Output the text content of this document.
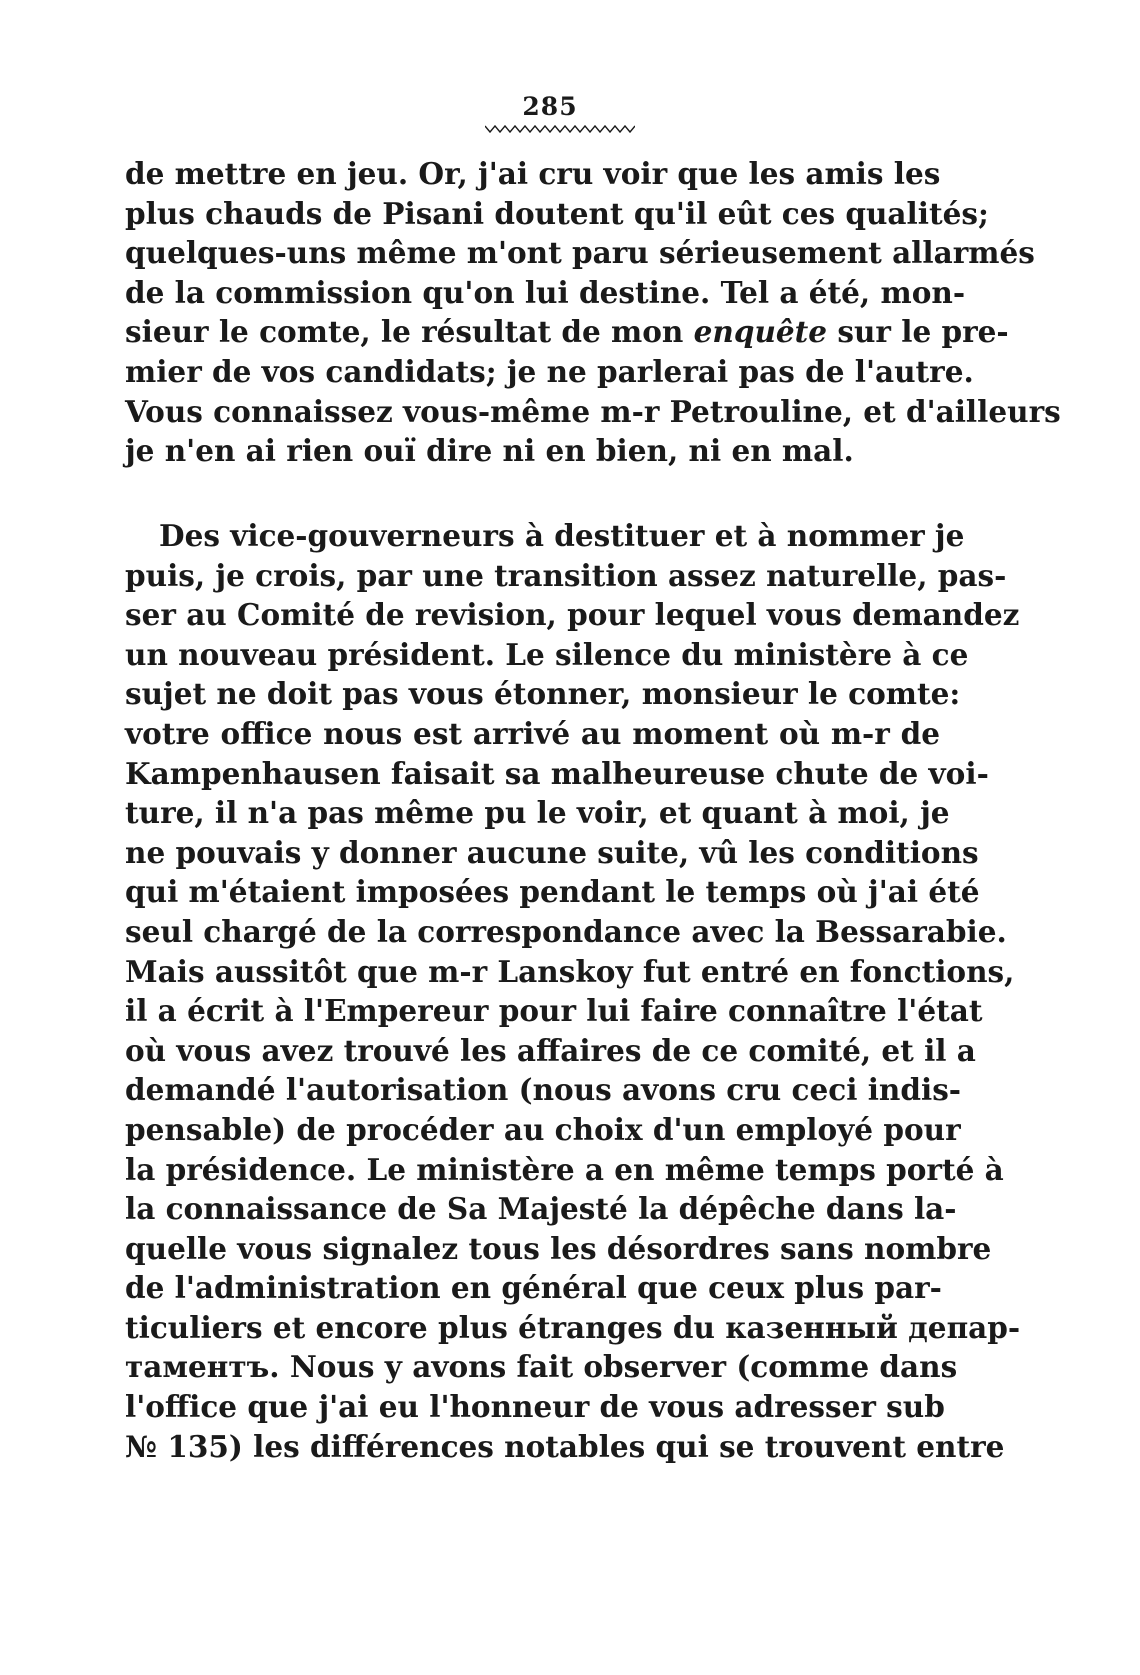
285
de mettre en jeu. Or, j'ai cru voir que les amis les
plus chauds de Pisani doutent qu'il eût ces qualités;
quelques-uns même m'ont paru sérieusement allarmés
de la commission qu'on lui destine. Tel a été, mon-
sieur le comte, le résultat de mon enquête sur le pre-
mier de vos candidats; je ne parlerai pas de l'autre.
Vous connaissez vous-même m-r Petrouline, et d'ailleurs
je n'en ai rien ouï dire ni en bien, ni en mal.
Des vice-gouverneurs à destituer et à nommer je
puis, je crois, par une transition assez naturelle, pas-
ser au Comité de revision, pour lequel vous demandez
un nouveau président. Le silence du ministère à ce
sujet ne doit pas vous étonner, monsieur le comte:
votre office nous est arrivé au moment où m-r de
Kampenhausen faisait sa malheureuse chute de voi-
ture, il n'a pas même pu le voir, et quant à moi, je
ne pouvais y donner aucune suite, vû les conditions
qui m'étaient imposées pendant le temps où j'ai été
seul chargé de la correspondance avec la Bessarabie.
Mais aussitôt que m-r Lanskoy fut entré en fonctions,
il a écrit à l'Empereur pour lui faire connaître l'état
où vous avez trouvé les affaires de ce comité, et il a
demandé l'autorisation (nous avons cru ceci indis-
pensable) de procéder au choix d'un employé pour
la présidence. Le ministère a en même temps porté à
la connaissance de Sa Majesté la dépêche dans la-
quelle vous signalez tous les désordres sans nombre
de l'administration en général que ceux plus par-
ticuliers et encore plus étranges du казенный депар-
таментъ. Nous y avons fait observer (comme dans
l'office que j'ai eu l'honneur de vous adresser sub
№ 135) les différences notables qui se trouvent entre
